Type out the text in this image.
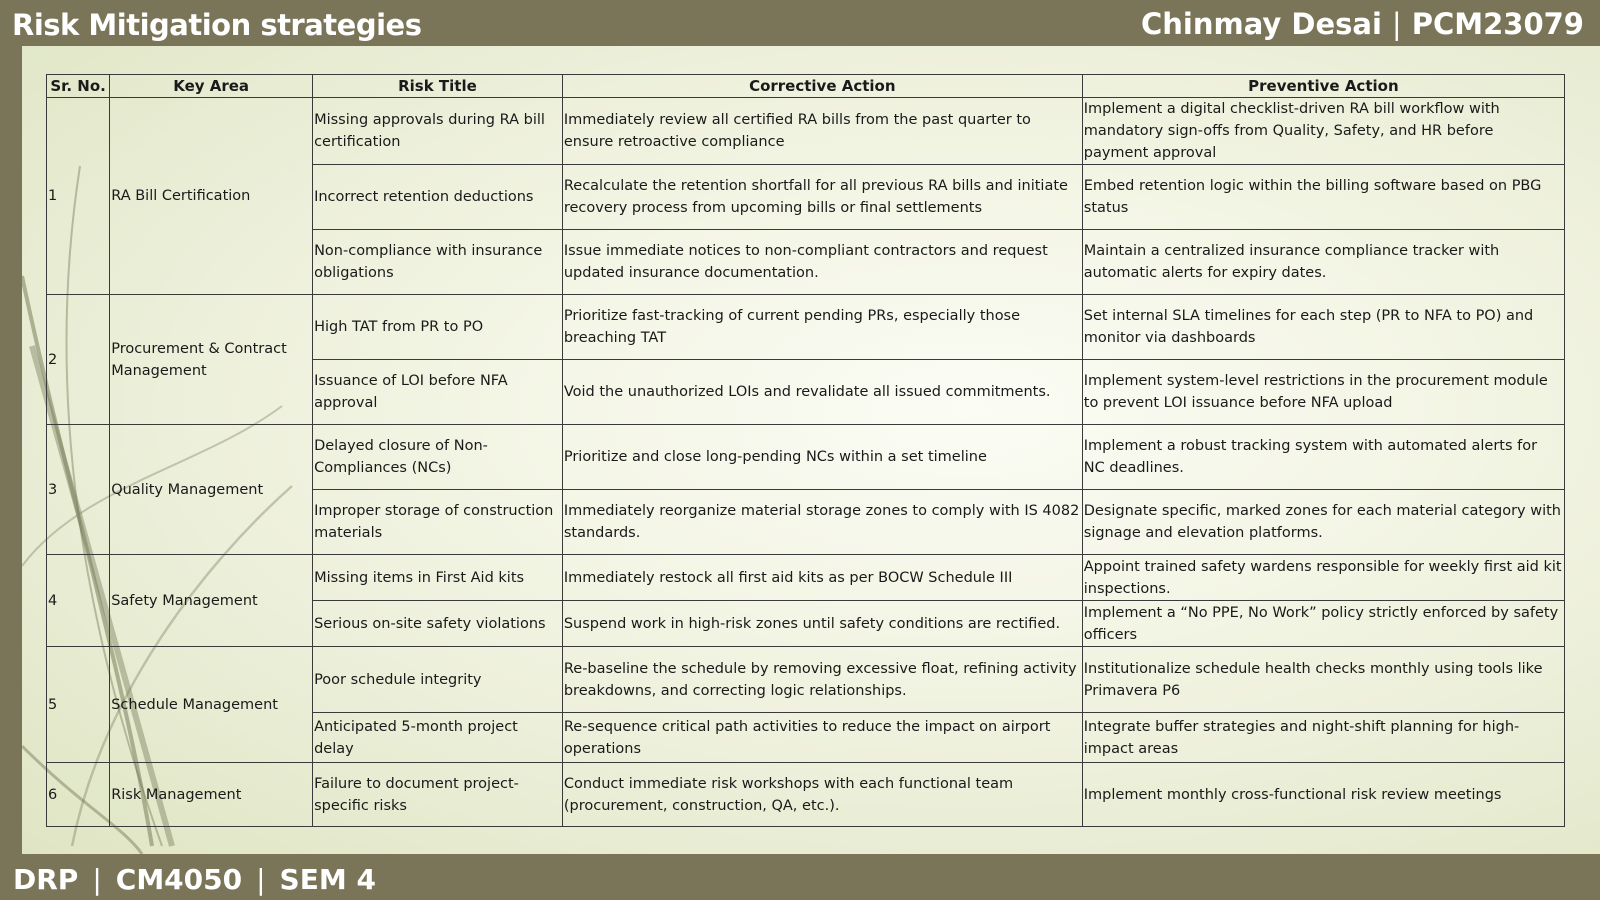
Risk Mitigation strategies	Chinmay Desai | PCM23079
Sr. No.	Key Area	Risk Title	Corrective Action	Preventive Action
1	RA Bill Certification	Missing approvals during RA bill certification	Immediately review all certified RA bills from the past quarter to ensure retroactive compliance	Implement a digital checklist-driven RA bill workflow with mandatory sign-offs from Quality, Safety, and HR before payment approval
		Incorrect retention deductions	Recalculate the retention shortfall for all previous RA bills and initiate recovery process from upcoming bills or final settlements	Embed retention logic within the billing software based on PBG status
		Non-compliance with insurance obligations	Issue immediate notices to non-compliant contractors and request updated insurance documentation.	Maintain a centralized insurance compliance tracker with automatic alerts for expiry dates.
2	Procurement & Contract Management	High TAT from PR to PO	Prioritize fast-tracking of current pending PRs, especially those breaching TAT	Set internal SLA timelines for each step (PR to NFA to PO) and monitor via dashboards
		Issuance of LOI before NFA approval	Void the unauthorized LOIs and revalidate all issued commitments.	Implement system-level restrictions in the procurement module to prevent LOI issuance before NFA upload
3	Quality Management	Delayed closure of Non-Compliances (NCs)	Prioritize and close long-pending NCs within a set timeline	Implement a robust tracking system with automated alerts for NC deadlines.
		Improper storage of construction materials	Immediately reorganize material storage zones to comply with IS 4082 standards.	Designate specific, marked zones for each material category with signage and elevation platforms.
4	Safety Management	Missing items in First Aid kits	Immediately restock all first aid kits as per BOCW Schedule III	Appoint trained safety wardens responsible for weekly first aid kit inspections.
		Serious on-site safety violations	Suspend work in high-risk zones until safety conditions are rectified.	Implement a “No PPE, No Work” policy strictly enforced by safety officers
5	Schedule Management	Poor schedule integrity	Re-baseline the schedule by removing excessive float, refining activity breakdowns, and correcting logic relationships.	Institutionalize schedule health checks monthly using tools like Primavera P6
		Anticipated 5-month project delay	Re-sequence critical path activities to reduce the impact on airport operations	Integrate buffer strategies and night-shift planning for high-impact areas
6	Risk Management	Failure to document project-specific risks	Conduct immediate risk workshops with each functional team (procurement, construction, QA, etc.).	Implement monthly cross-functional risk review meetings
DRP | CM4050 | SEM 4
